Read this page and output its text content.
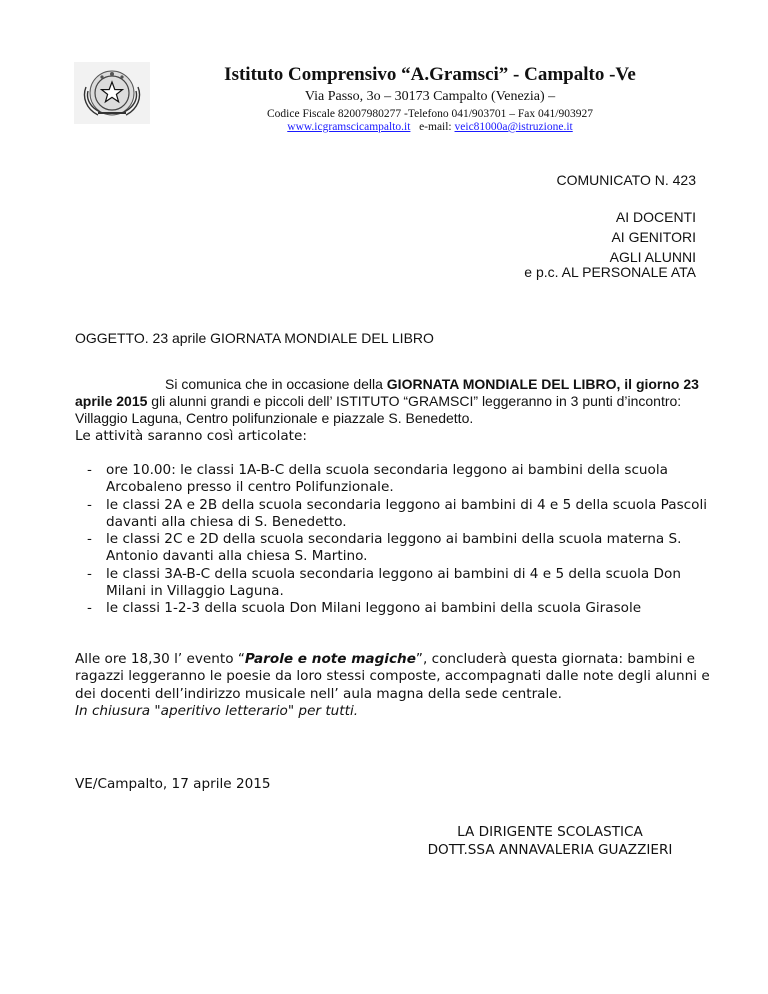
Istituto Comprensivo “A.Gramsci” - Campalto -Ve
Via Passo, 3o – 30173 Campalto (Venezia) –
Codice Fiscale 82007980277 -Telefono 041/903701 – Fax 041/903927
www.icgramscicampalto.it e-mail: veic81000a@istruzione.it
COMUNICATO N. 423
AI DOCENTI
AI GENITORI
AGLI ALUNNI
e p.c. AL PERSONALE ATA
OGGETTO. 23 aprile GIORNATA MONDIALE DEL LIBRO
Si comunica che in occasione della GIORNATA MONDIALE DEL LIBRO, il giorno 23 aprile 2015 gli alunni grandi e piccoli dell’ ISTITUTO “GRAMSCI” leggeranno in 3 punti d’incontro: Villaggio Laguna, Centro polifunzionale e piazzale S. Benedetto.
Le attività saranno così articolate:
- ore 10.00: le classi 1A-B-C della scuola secondaria leggono ai bambini della scuola Arcobaleno presso il centro Polifunzionale.
- le classi 2A e 2B della scuola secondaria leggono ai bambini di 4 e 5 della scuola Pascoli davanti alla chiesa di S. Benedetto.
- le classi 2C e 2D della scuola secondaria leggono ai bambini della scuola materna S. Antonio davanti alla chiesa S. Martino.
- le classi 3A-B-C della scuola secondaria leggono ai bambini di 4 e 5 della scuola Don Milani in Villaggio Laguna.
- le classi 1-2-3 della scuola Don Milani leggono ai bambini della scuola Girasole
Alle ore 18,30 l’ evento “Parole e note magiche”, concluderà questa giornata: bambini e ragazzi leggeranno le poesie da loro stessi composte, accompagnati dalle note degli alunni e dei docenti dell’indirizzo musicale nell’ aula magna della sede centrale.
In chiusura "aperitivo letterario" per tutti.
VE/Campalto, 17 aprile 2015
LA DIRIGENTE SCOLASTICA
DOTT.SSA ANNAVALERIA GUAZZIERI
